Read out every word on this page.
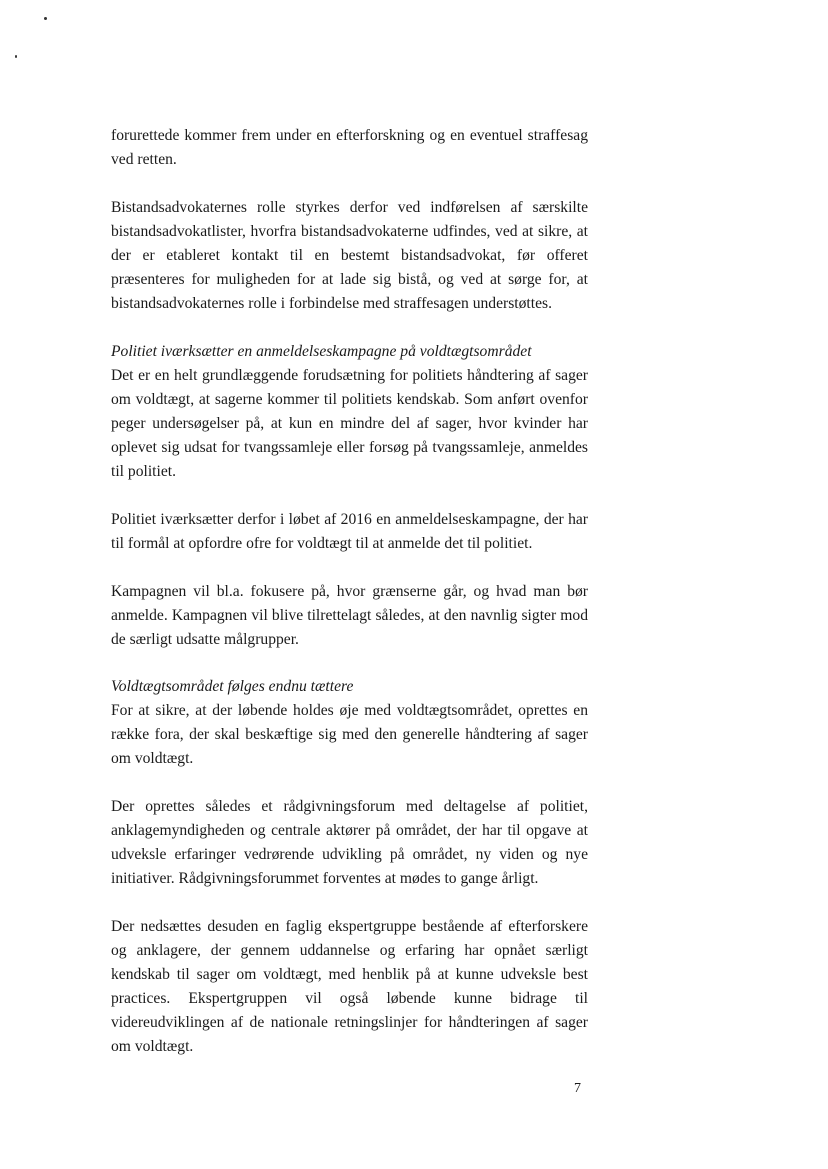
forurettede kommer frem under en efterforskning og en eventuel straffesag ved retten.

Bistandsadvokaternes rolle styrkes derfor ved indførelsen af særskilte bistandsadvokatlister, hvorfra bistandsadvokaterne udfindes, ved at sikre, at der er etableret kontakt til en bestemt bistandsadvokat, før offeret præsenteres for muligheden for at lade sig bistå, og ved at sørge for, at bistandsadvokaternes rolle i forbindelse med straffesagen understøttes.

Politiet iværksætter en anmeldelseskampagne på voldtægtsområdet

Det er en helt grundlæggende forudsætning for politiets håndtering af sager om voldtægt, at sagerne kommer til politiets kendskab. Som anført ovenfor peger undersøgelser på, at kun en mindre del af sager, hvor kvinder har oplevet sig udsat for tvangssamleje eller forsøg på tvangssamleje, anmeldes til politiet.

Politiet iværksætter derfor i løbet af 2016 en anmeldelseskampagne, der har til formål at opfordre ofre for voldtægt til at anmelde det til politiet.

Kampagnen vil bl.a. fokusere på, hvor grænserne går, og hvad man bør anmelde. Kampagnen vil blive tilrettelagt således, at den navnlig sigter mod de særligt udsatte målgrupper.

Voldtægtsområdet følges endnu tættere

For at sikre, at der løbende holdes øje med voldtægtsområdet, oprettes en række fora, der skal beskæftige sig med den generelle håndtering af sager om voldtægt.

Der oprettes således et rådgivningsforum med deltagelse af politiet, anklagemyndigheden og centrale aktører på området, der har til opgave at udveksle erfaringer vedrørende udvikling på området, ny viden og nye initiativer. Rådgivningsforummet forventes at mødes to gange årligt.

Der nedsættes desuden en faglig ekspertgruppe bestående af efterforskere og anklagere, der gennem uddannelse og erfaring har opnået særligt kendskab til sager om voldtægt, med henblik på at kunne udveksle best practices. Ekspertgruppen vil også løbende kunne bidrage til videreudviklingen af de nationale retningslinjer for håndteringen af sager om voldtægt.

7
